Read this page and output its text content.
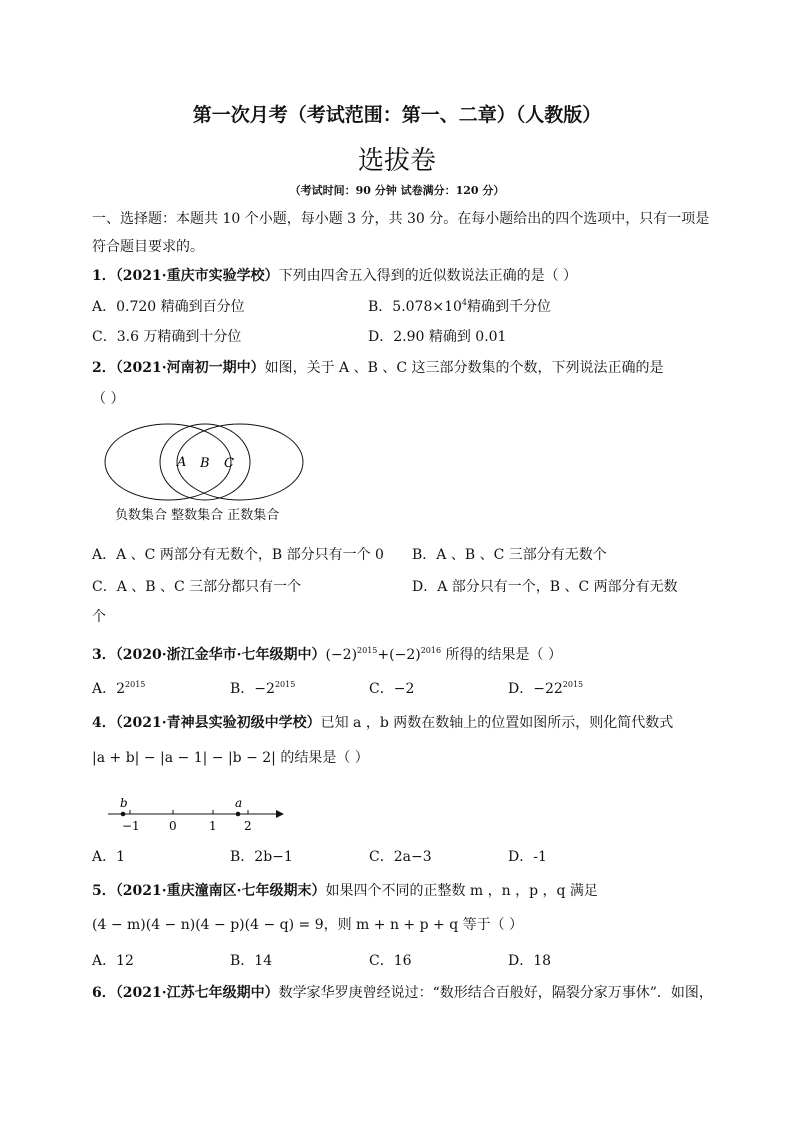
第一次月考（考试范围：第一、二章）（人教版）
选拔卷
（考试时间：90 分钟 试卷满分：120 分）
一、选择题：本题共 10 个小题，每小题 3 分，共 30 分。在每小题给出的四个选项中，只有一项是
符合题目要求的。
1．（2021·重庆市实验学校）下列由四舍五入得到的近似数说法正确的是（ ）
A．0.720 精确到百分位	B．$5.078\times 10^4$精确到千分位
C．3.6 万精确到十分位	D．2.90 精确到 0.01
2．（2021·河南初一期中）如图，关于 A 、B 、C 这三部分数集的个数，下列说法正确的是
（ ）
A B C
负数集合 整数集合 正数集合
A．A 、C 两部分有无数个，B 部分只有一个 0 B．A 、B 、C 三部分有无数个
C．A 、B 、C 三部分都只有一个	D．A 部分只有一个，B 、C 两部分有无数
个
3．（2020·浙江金华市·七年级期中）$(-2)^{2015}+(-2)^{2016}$ 所得的结果是（ ）
A．$2^{2015}$	B．$-2^{2015}$	C．−2	D．$-22^{2015}$
4．（2021·青神县实验初级中学校）已知 a ，b 两数在数轴上的位置如图所示，则化简代数式
|a + b| − |a − 1| − |b − 2| 的结果是（ ）
b	a
−1 0	1 2
A．1	B．2b−1	C．2a−3	D．-1
5．（2021·重庆潼南区·七年级期末）如果四个不同的正整数 m ，n ，p ，q 满足
(4 − m)(4 − n)(4 − p)(4 − q) = 9，则 m + n + p + q 等于（ ）
A．12	B．14	C．16	D．18
6．（2021·江苏七年级期中）数学家华罗庚曾经说过：“数形结合百般好，隔裂分家万事休”．如图，
